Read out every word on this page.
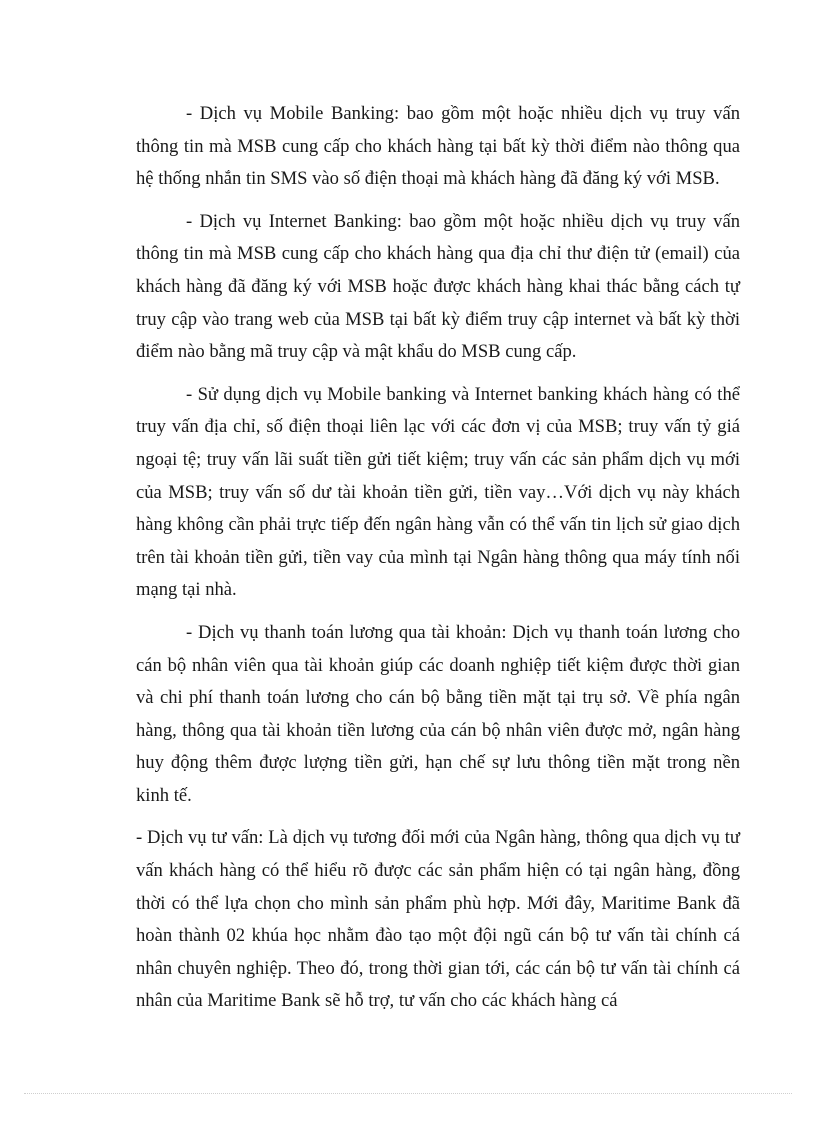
- Dịch vụ Mobile Banking: bao gồm một hoặc nhiều dịch vụ truy vấn thông tin mà MSB cung cấp cho khách hàng tại bất kỳ thời điểm nào thông qua hệ thống nhắn tin SMS vào số điện thoại mà khách hàng đã đăng ký với MSB.

- Dịch vụ Internet Banking: bao gồm một hoặc nhiều dịch vụ truy vấn thông tin mà MSB cung cấp cho khách hàng qua địa chỉ thư điện tử (email) của khách hàng đã đăng ký với MSB hoặc được khách hàng khai thác bằng cách tự truy cập vào trang web của MSB tại bất kỳ điểm truy cập internet và bất kỳ thời điểm nào bằng mã truy cập và mật khẩu do MSB cung cấp.

- Sử dụng dịch vụ Mobile banking và Internet banking khách hàng có thể truy vấn địa chỉ, số điện thoại liên lạc với các đơn vị của MSB; truy vấn tỷ giá ngoại tệ; truy vấn lãi suất tiền gửi tiết kiệm; truy vấn các sản phẩm dịch vụ mới của MSB; truy vấn số dư tài khoản tiền gửi, tiền vay…Với dịch vụ này khách hàng không cần phải trực tiếp đến ngân hàng vẫn có thể vấn tin lịch sử giao dịch trên tài khoản tiền gửi, tiền vay của mình tại Ngân hàng thông qua máy tính nối mạng tại nhà.

- Dịch vụ thanh toán lương qua tài khoản: Dịch vụ thanh toán lương cho cán bộ nhân viên qua tài khoản giúp các doanh nghiệp tiết kiệm được thời gian và chi phí thanh toán lương cho cán bộ bằng tiền mặt tại trụ sở. Về phía ngân hàng, thông qua tài khoản tiền lương của cán bộ nhân viên được mở, ngân hàng huy động thêm được lượng tiền gửi, hạn chế sự lưu thông tiền mặt trong nền kinh tế.

- Dịch vụ tư vấn: Là dịch vụ tương đối mới của Ngân hàng, thông qua dịch vụ tư vấn khách hàng có thể hiểu rõ được các sản phẩm hiện có tại ngân hàng, đồng thời có thể lựa chọn cho mình sản phẩm phù hợp. Mới đây, Maritime Bank đã hoàn thành 02 khúa học nhằm đào tạo một đội ngũ cán bộ tư vấn tài chính cá nhân chuyên nghiệp. Theo đó, trong thời gian tới, các cán bộ tư vấn tài chính cá nhân của Maritime Bank sẽ hỗ trợ, tư vấn cho các khách hàng cá
